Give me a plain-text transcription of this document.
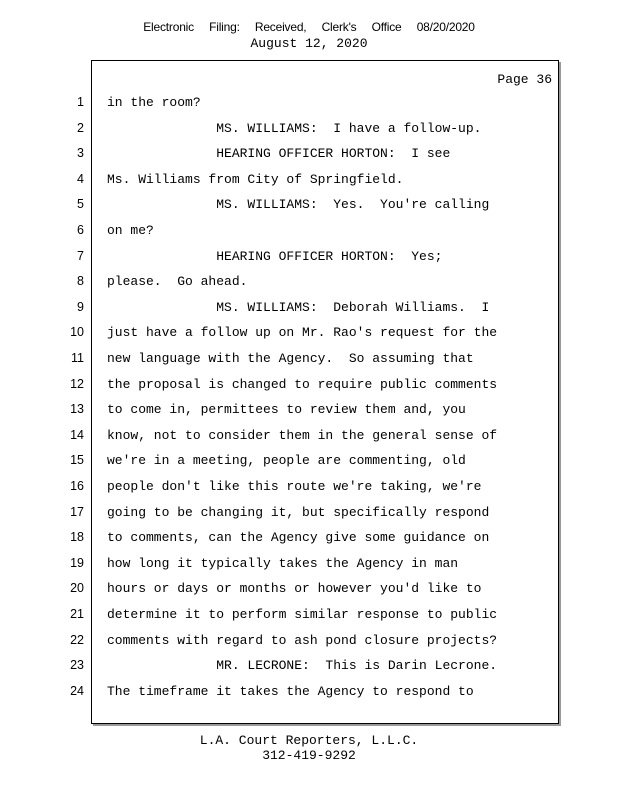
Electronic Filing: Received, Clerk's Office 08/20/2020
August 12, 2020
Page 36
1 in the room?
2 MS. WILLIAMS:  I have a follow-up.
3 HEARING OFFICER HORTON:  I see
4 Ms. Williams from City of Springfield.
5 MS. WILLIAMS:  Yes.  You're calling
6 on me?
7 HEARING OFFICER HORTON:  Yes;
8 please.  Go ahead.
9 MS. WILLIAMS:  Deborah Williams.  I
10 just have a follow up on Mr. Rao's request for the
11 new language with the Agency.  So assuming that
12 the proposal is changed to require public comments
13 to come in, permittees to review them and, you
14 know, not to consider them in the general sense of
15 we're in a meeting, people are commenting, old
16 people don't like this route we're taking, we're
17 going to be changing it, but specifically respond
18 to comments, can the Agency give some guidance on
19 how long it typically takes the Agency in man
20 hours or days or months or however you'd like to
21 determine it to perform similar response to public
22 comments with regard to ash pond closure projects?
23 MR. LECRONE:  This is Darin Lecrone.
24 The timeframe it takes the Agency to respond to
L.A. Court Reporters, L.L.C.
312-419-9292
